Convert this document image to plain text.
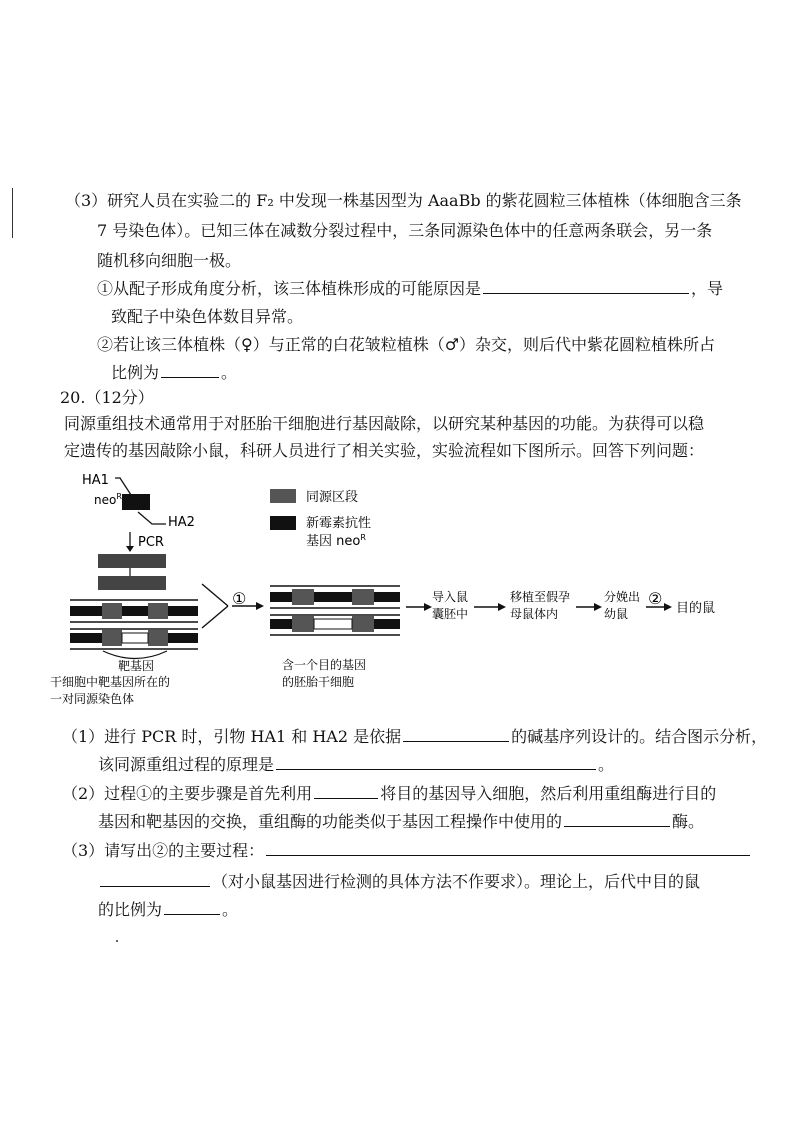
（3）研究人员在实验二的 F₂ 中发现一株基因型为 AaaBb 的紫花圆粒三体植株（体细胞含三条
7 号染色体）。已知三体在减数分裂过程中，三条同源染色体中的任意两条联会，另一条
随机移向细胞一极。
①从配子形成角度分析，该三体植株形成的可能原因是	，导
致配子中染色体数目异常。
②若让该三体植株（♀）与正常的白花皱粒植株（♂）杂交，则后代中紫花圆粒植株所占
比例为	。
20.（12分）
同源重组技术通常用于对胚胎干细胞进行基因敲除，以研究某种基因的功能。为获得可以稳
定遗传的基因敲除小鼠，科研人员进行了相关实验，实验流程如下图所示。回答下列问题：
HA1
neo$^R$
HA2
PCR
靶基因
干细胞中靶基因所在的
一对同源染色体
①
同源区段
新霉素抗性
基因 neo$^R$
含一个目的基因
的胚胎干细胞
导入鼠
囊胚中
移植至假孕
母鼠体内
分娩出
幼鼠
②
目的鼠
（1）进行 PCR 时，引物 HA1 和 HA2 是依据	的碱基序列设计的。结合图示分析，
该同源重组过程的原理是	。
（2）过程①的主要步骤是首先利用	将目的基因导入细胞，然后利用重组酶进行目的
基因和靶基因的交换，重组酶的功能类似于基因工程操作中使用的	酶。
（3）请写出②的主要过程：
（对小鼠基因进行检测的具体方法不作要求）。理论上，后代中目的鼠
的比例为	。
